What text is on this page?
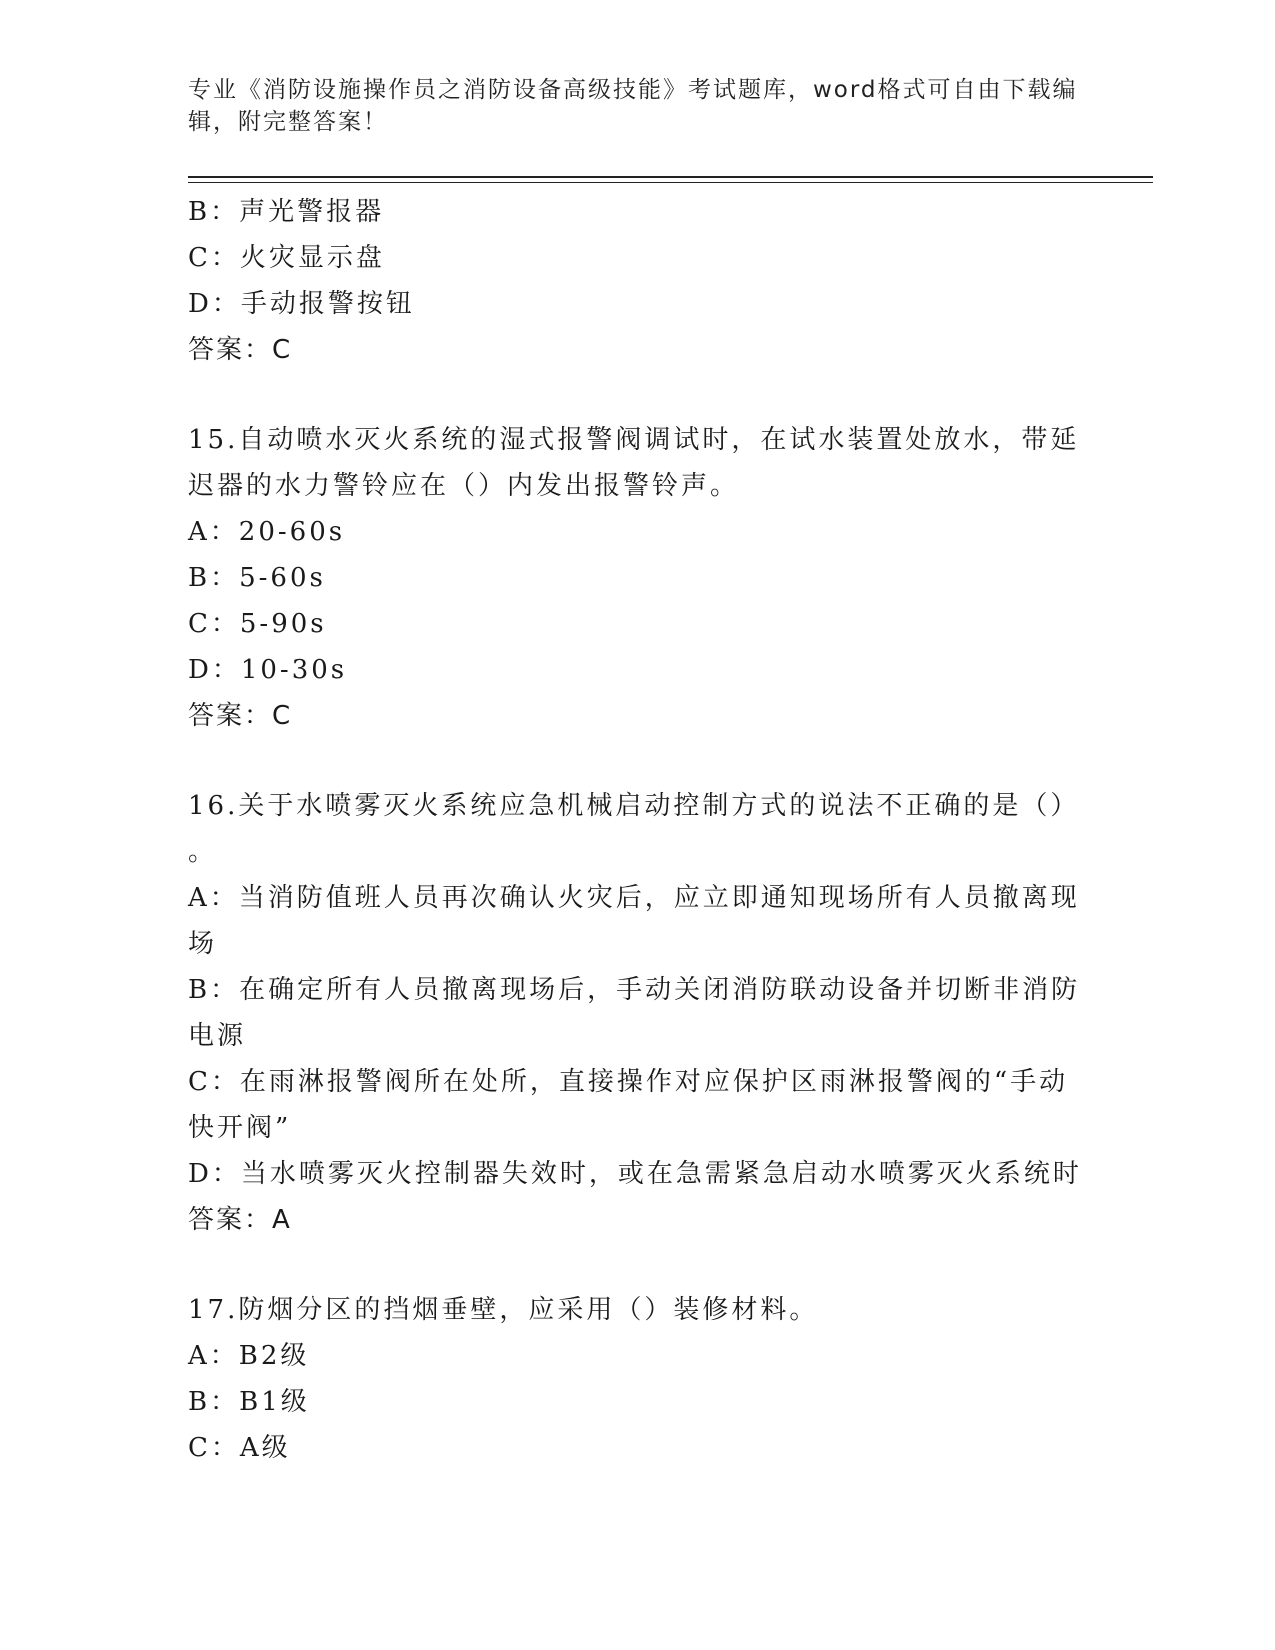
专业《消防设施操作员之消防设备高级技能》考试题库，word格式可自由下载编
辑，附完整答案！
B：声光警报器
C：火灾显示盘
D：手动报警按钮
答案：C
15.自动喷水灭火系统的湿式报警阀调试时，在试水装置处放水，带延
迟器的水力警铃应在（）内发出报警铃声。
A：20-60s
B：5-60s
C：5-90s
D：10-30s
答案：C
16.关于水喷雾灭火系统应急机械启动控制方式的说法不正确的是（）
。
A：当消防值班人员再次确认火灾后，应立即通知现场所有人员撤离现
场
B：在确定所有人员撤离现场后，手动关闭消防联动设备并切断非消防
电源
C：在雨淋报警阀所在处所，直接操作对应保护区雨淋报警阀的“手动
快开阀”
D：当水喷雾灭火控制器失效时，或在急需紧急启动水喷雾灭火系统时
答案：A
17.防烟分区的挡烟垂壁，应采用（）装修材料。
A：B2级
B：B1级
C：A级
